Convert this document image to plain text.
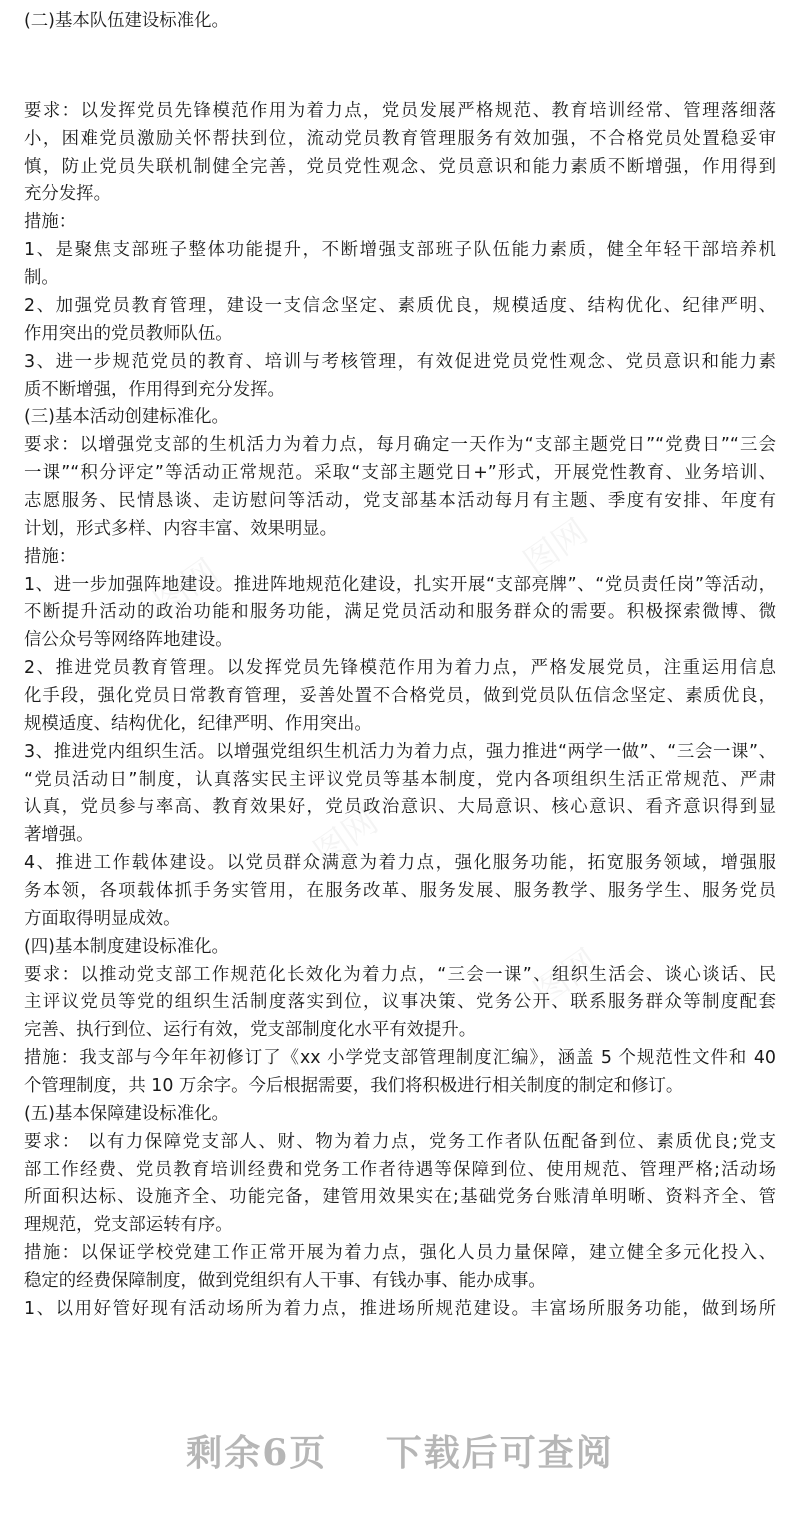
(二)基本队伍建设标准化。
要求：以发挥党员先锋模范作用为着力点，党员发展严格规范、教育培训经常、管理落细落
小，困难党员激励关怀帮扶到位，流动党员教育管理服务有效加强，不合格党员处置稳妥审
慎，防止党员失联机制健全完善，党员党性观念、党员意识和能力素质不断增强，作用得到
充分发挥。
措施：
1、是聚焦支部班子整体功能提升，不断增强支部班子队伍能力素质，健全年轻干部培养机
制。
2、加强党员教育管理，建设一支信念坚定、素质优良，规模适度、结构优化、纪律严明、
作用突出的党员教师队伍。
3、进一步规范党员的教育、培训与考核管理，有效促进党员党性观念、党员意识和能力素
质不断增强，作用得到充分发挥。
(三)基本活动创建标准化。
要求：以增强党支部的生机活力为着力点，每月确定一天作为“支部主题党日”“党费日”“三会
一课”“积分评定”等活动正常规范。采取“支部主题党日+”形式，开展党性教育、业务培训、
志愿服务、民情恳谈、走访慰问等活动，党支部基本活动每月有主题、季度有安排、年度有
计划，形式多样、内容丰富、效果明显。
措施：
1、进一步加强阵地建设。推进阵地规范化建设，扎实开展“支部亮牌”、“党员责任岗”等活动，
不断提升活动的政治功能和服务功能，满足党员活动和服务群众的需要。积极探索微博、微
信公众号等网络阵地建设。
2、推进党员教育管理。以发挥党员先锋模范作用为着力点，严格发展党员，注重运用信息
化手段，强化党员日常教育管理，妥善处置不合格党员，做到党员队伍信念坚定、素质优良，
规模适度、结构优化，纪律严明、作用突出。
3、推进党内组织生活。以增强党组织生机活力为着力点，强力推进“两学一做”、“三会一课”、
“党员活动日”制度，认真落实民主评议党员等基本制度，党内各项组织生活正常规范、严肃
认真，党员参与率高、教育效果好，党员政治意识、大局意识、核心意识、看齐意识得到显
著增强。
4、推进工作载体建设。以党员群众满意为着力点，强化服务功能，拓宽服务领域，增强服
务本领，各项载体抓手务实管用，在服务改革、服务发展、服务教学、服务学生、服务党员
方面取得明显成效。
(四)基本制度建设标准化。
要求：以推动党支部工作规范化长效化为着力点，“三会一课”、组织生活会、谈心谈话、民
主评议党员等党的组织生活制度落实到位，议事决策、党务公开、联系服务群众等制度配套
完善、执行到位、运行有效，党支部制度化水平有效提升。
措施：我支部与今年年初修订了《xx 小学党支部管理制度汇编》，涵盖 5 个规范性文件和 40
个管理制度，共 10 万余字。今后根据需要，我们将积极进行相关制度的制定和修订。
(五)基本保障建设标准化。
要求： 以有力保障党支部人、财、物为着力点，党务工作者队伍配备到位、素质优良;党支
部工作经费、党员教育培训经费和党务工作者待遇等保障到位、使用规范、管理严格;活动场
所面积达标、设施齐全、功能完备，建管用效果实在;基础党务台账清单明晰、资料齐全、管
理规范，党支部运转有序。
措施：以保证学校党建工作正常开展为着力点，强化人员力量保障，建立健全多元化投入、
稳定的经费保障制度，做到党组织有人干事、有钱办事、能办成事。
1、以用好管好现有活动场所为着力点，推进场所规范建设。丰富场所服务功能，做到场所
图网
图网
图网
图网
剩余6页 下载后可查阅
